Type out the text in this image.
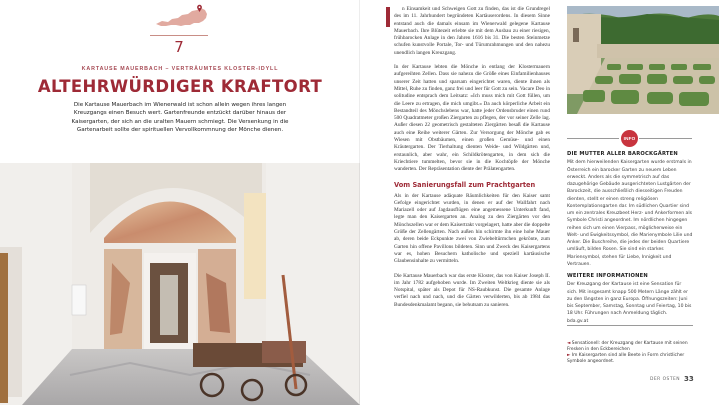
7
KARTAUSE MAUERBACH – VERTRÄUMTES KLOSTER-IDYLL
ALTEHRWÜRDIGER KRAFTORT
Die Kartause Mauerbach im Wienerwald ist schon allein wegen ihres langen Kreuzgangs einen Besuch wert. Gartenfreunde entzückt darüber hinaus der Kaisergarten, der sich an die uralten Mauern schmiegt. Die Versenkung in die Gartenarbeit sollte der spirituellen Vervollkommnung der Mönche dienen.

n Einsamkeit und Schweigen Gott zu finden, das ist die Grundregel des im 11. Jahrhundert begründeten Kartäuserordens. In diesem Sinne entstand auch die damals einsam im Wienerwald gelegene Kartause Mauerbach. Ihre Blütezeit erlebte sie mit dem Ausbau zu einer riesigen, frühbarocken Anlage in den Jahren 1616 bis 31. Die besten Steinmetze schufen kunstvolle Portale, Tor- und Türumrahmungen und den nahezu unendlich langen Kreuzgang.

In der Kartause lebten die Mönche in entlang der Klostermauern aufgereihten Zellen. Dass sie nahezu die Größe eines Einfamilienhauses unserer Zeit hatten und sparsam eingerichtet waren, diente ihnen als Mittel, Ruhe zu finden, ganz frei und leer für Gott zu sein. Vacare Deo in solitudine entsprach dem Leitsatz: »Ich muss mich mit Gott füllen, um die Leere zu ertragen, die mich umgibt.« Da auch körperliche Arbeit ein Bestandteil des Mönchslebens war, hatte jeder Ordensbruder einen rund 500 Quadratmeter großen Ziergarten zu pflegen, der vor seiner Zelle lag. Außer diesen 22 geometrisch gestalteten Ziergärten besaß die Kartause auch eine Reihe weiterer Gärten. Zur Versorgung der Mönche gab es Wiesen mit Obstbäumen, einen großen Gemüse- und einen Kräutergarten. Der Tierhaltung dienten Weide- und Wildgärten und, erstaunlich, aber wahr, ein Schildkrötengarten, in dem sich die Kriechtiere tummelten, bevor sie in die Kochtöpfe der Mönche wanderten. Der Repräsentation diente der Prälatengarten.

Vom Sanierungsfall zum Prachtgarten

Als in der Kartause adäquate Räumlichkeiten für den Kaiser samt Gefolge eingerichtet wurden, in denen er auf der Wallfahrt nach Mariazell oder auf Jagdausflügen eine angemessene Unterkunft fand, legte man den Kaisergarten an. Analog zu den Ziergärten vor den Mönchszellen war er dem Kaisertrakt vorgelagert, hatte aber die doppelte Größe der Zellengärten. Nach außen hin schirmte ihn eine hohe Mauer ab, deren beide Eckpunkte zwei von Zwiebeltürmchen gekrönte, zum Garten hin offene Pavillons bildeten. Sinn und Zweck des Kaisergartens war es, hohen Besuchern katholische und speziell kartäusische Glaubensinhalte zu vermitteln.

Die Kartause Mauerbach war das erste Kloster, das von Kaiser Joseph II. im Jahr 1782 aufgehoben wurde. Im Zweiten Weltkrieg diente sie als Notspital, später als Depot für NS-Raubkunst. Die gesamte Anlage verfiel nach und nach, und die Gärten verwilderten, bis ab 1984 das Bundesdenkmalamt begann, sie behutsam zu sanieren.

INFO
DIE MUTTER ALLER BAROCKGÄRTEN
Mit dem hierweilenden Kaisergarten wurde erstmals in Österreich ein barocker Garten zu neuem Leben erweckt. Anders als die symmetrisch auf das dazugehörige Gebäude ausgerichteten Lustgärten der Barockzeit, die ausschließlich diesseitigen Freuden dienten, stellt er einen streng religiösen Kontemplationsgarten dar. Im südlichen Quartier sind um ein zentrales Kreuzbeet Herz- und Ankerformen als Symbole Christi angeordnet. Im nördlichen hingegen reihen sich um einen Vierpass, möglicherweise ein Welt- und Ewigkeitssymbol, die Marienymbole Lilie und Anker. Die Buschreihe, die jedes der beiden Quartiere umläuft, bilden Rosen. Sie sind ein starkes Mariensymbol, stehen für Liebe, Innigkeit und Vertrauen.
WEITERE INFORMATIONEN
Der Kreuzgang der Kartause ist eine Sensation für sich. Mit insgesamt knapp 500 Metern Länge zählt er zu den längsten in ganz Europa. Öffnungszeiten: Juni bis September, Samstag, Sonntag und Feiertag, 10 bis 18 Uhr. Führungen nach Anmeldung täglich.
bda.gv.at
◄ Sensationell: der Kreuzgang der Kartause mit seinen Fresken in den Eckbereichen
► Im Kaisergarten sind alle Beete in Form christlicher Symbole angeordnet.
DER OSTEN 33
